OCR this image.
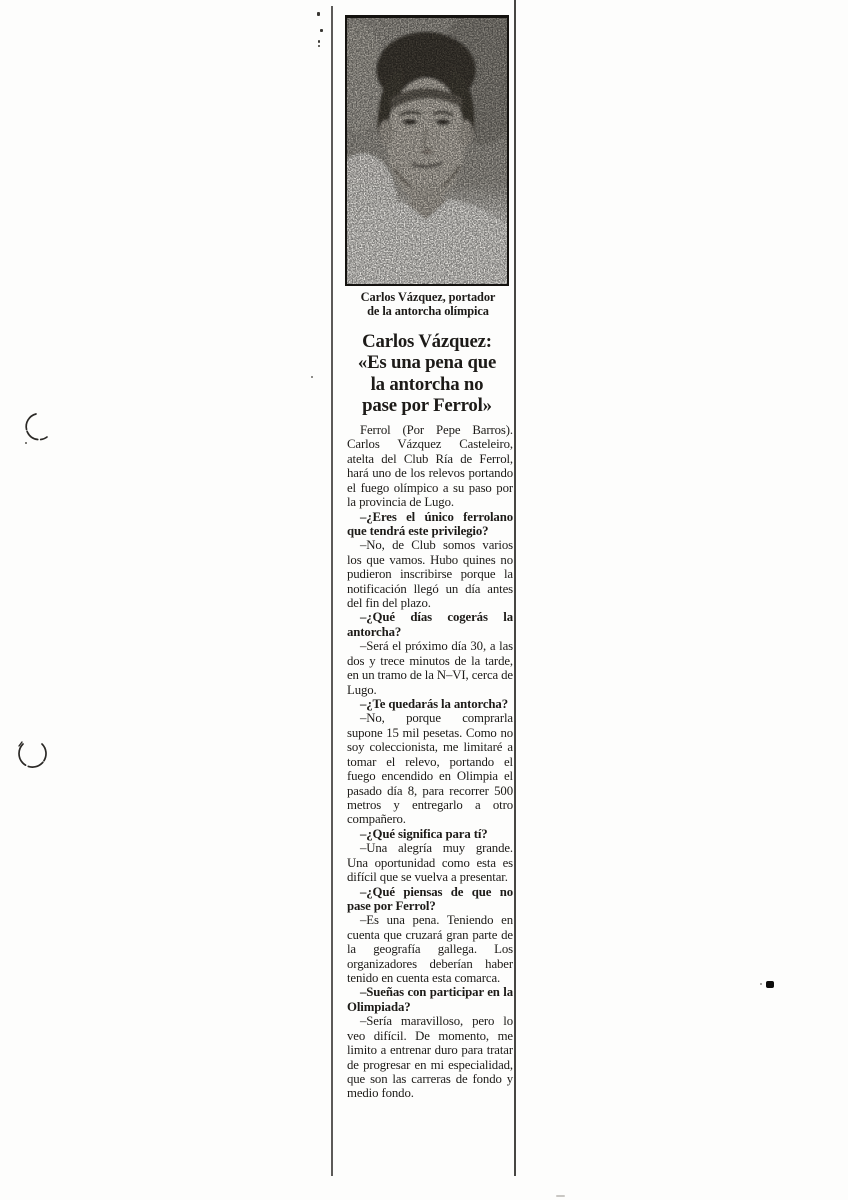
Carlos Vázquez, portador
de la antorcha olímpica
Carlos Vázquez:
«Es una pena que
la antorcha no
pase por Ferrol»

Ferrol (Por Pepe Barros). Carlos Vázquez Casteleiro, atelta del Club Ría de Ferrol, hará uno de los relevos portando el fuego olímpico a su paso por la provincia de Lugo.

–¿Eres el único ferrolano que tendrá este privilegio?

–No, de Club somos varios los que vamos. Hubo quines no pudieron inscribirse porque la notificación llegó un día antes del fin del plazo.

–¿Qué días cogerás la antorcha?

–Será el próximo día 30, a las dos y trece minutos de la tarde, en un tramo de la N–VI, cerca de Lugo.

–¿Te quedarás la antorcha?

–No, porque comprarla supone 15 mil pesetas. Como no soy coleccionista, me limitaré a tomar el relevo, portando el fuego encendido en Olimpia el pasado día 8, para recorrer 500 metros y entregarlo a otro compañero.

–¿Qué significa para tí?

–Una alegría muy grande. Una oportunidad como esta es difícil que se vuelva a presentar.

–¿Qué piensas de que no pase por Ferrol?

–Es una pena. Teniendo en cuenta que cruzará gran parte de la geografía gallega. Los organizadores deberían haber tenido en cuenta esta comarca.

–Sueñas con participar en la Olimpiada?

–Sería maravilloso, pero lo veo difícil. De momento, me limito a entrenar duro para tratar de progresar en mi especialidad, que son las carreras de fondo y medio fondo.
